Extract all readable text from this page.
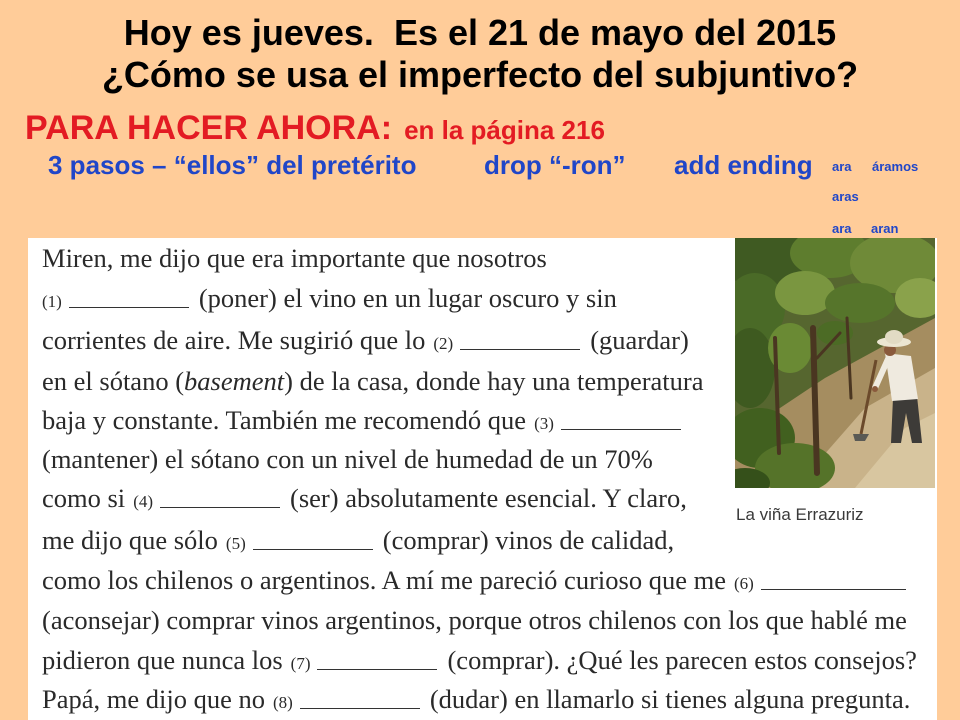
Hoy es jueves.  Es el 21 de mayo del 2015
¿Cómo se usa el imperfecto del subjuntivo?
PARA HACER AHORA: en la página 216
3 pasos – “ellos” del pretérito	drop “-ron” add ending ara áramos
aras
ara aran
Miren, me dijo que era importante que nosotros
(1)	(poner) el vino en un lugar oscuro y sin
corrientes de aire. Me sugirió que lo (2)	(guardar)
en el sótano (basement) de la casa, donde hay una temperatura
baja y constante. También me recomendó que (3)
(mantener) el sótano con un nivel de humedad de un 70%
como si (4)	(ser) absolutamente esencial. Y claro,
me dijo que sólo (5)	(comprar) vinos de calidad,
como los chilenos o argentinos. A mí me pareció curioso que me (6)
(aconsejar) comprar vinos argentinos, porque otros chilenos con los que hablé me
pidieron que nunca los (7)	(comprar). ¿Qué les parecen estos consejos?
Papá, me dijo que no (8)	(dudar) en llamarlo si tienes alguna pregunta.
La viña Errazuriz
